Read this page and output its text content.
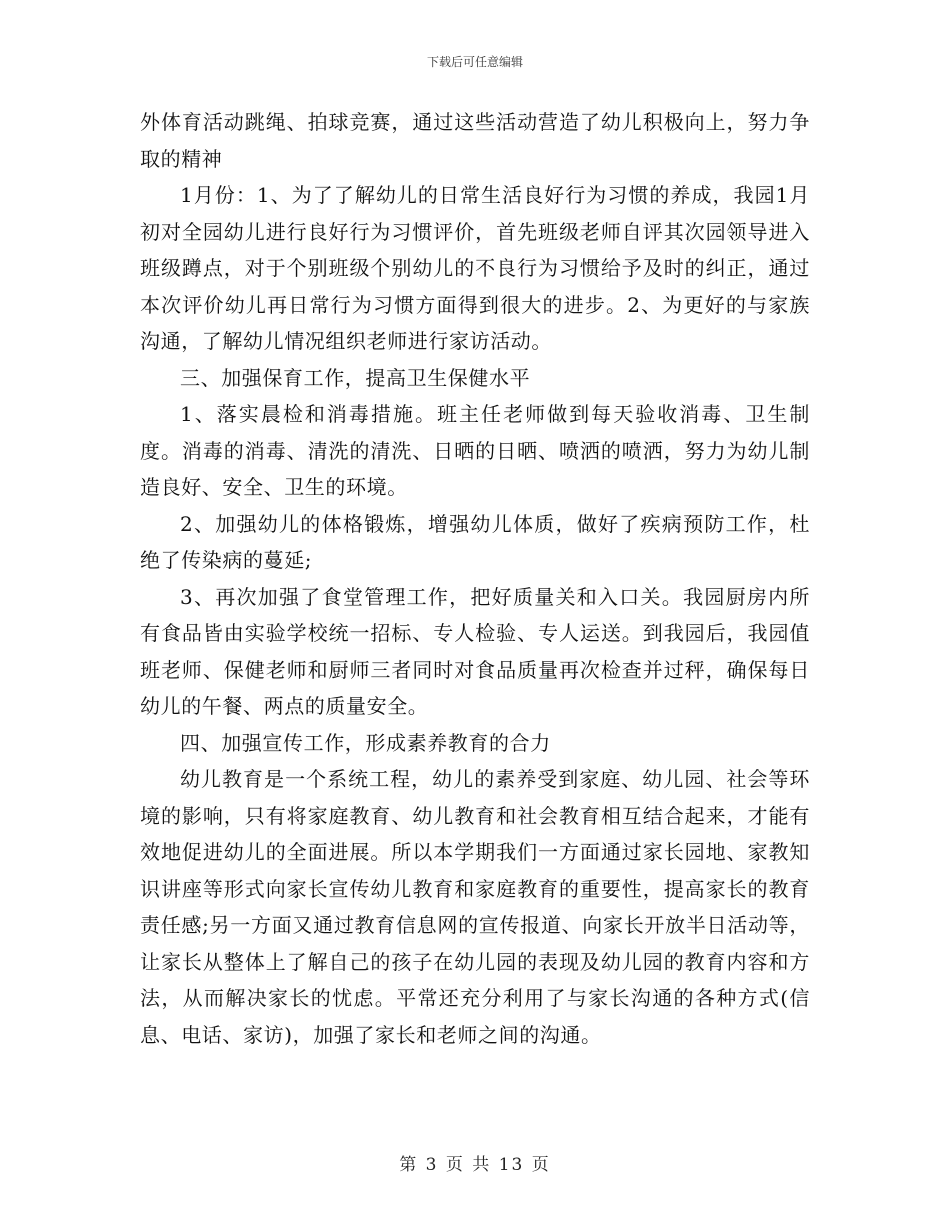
下载后可任意编辑

外体育活动跳绳、拍球竞赛，通过这些活动营造了幼儿积极向上，努力争取的精神

1月份：1、为了了解幼儿的日常生活良好行为习惯的养成，我园1月初对全园幼儿进行良好行为习惯评价，首先班级老师自评其次园领导进入班级蹲点，对于个别班级个别幼儿的不良行为习惯给予及时的纠正，通过本次评价幼儿再日常行为习惯方面得到很大的进步。2、为更好的与家族沟通，了解幼儿情况组织老师进行家访活动。

三、加强保育工作，提高卫生保健水平

1、落实晨检和消毒措施。班主任老师做到每天验收消毒、卫生制度。消毒的消毒、清洗的清洗、日晒的日晒、喷洒的喷洒，努力为幼儿制造良好、安全、卫生的环境。

2、加强幼儿的体格锻炼，增强幼儿体质，做好了疾病预防工作，杜绝了传染病的蔓延;

3、再次加强了食堂管理工作，把好质量关和入口关。我园厨房内所有食品皆由实验学校统一招标、专人检验、专人运送。到我园后，我园值班老师、保健老师和厨师三者同时对食品质量再次检查并过秤，确保每日幼儿的午餐、两点的质量安全。

四、加强宣传工作，形成素养教育的合力

幼儿教育是一个系统工程，幼儿的素养受到家庭、幼儿园、社会等环境的影响，只有将家庭教育、幼儿教育和社会教育相互结合起来，才能有效地促进幼儿的全面进展。所以本学期我们一方面通过家长园地、家教知识讲座等形式向家长宣传幼儿教育和家庭教育的重要性，提高家长的教育责任感;另一方面又通过教育信息网的宣传报道、向家长开放半日活动等，让家长从整体上了解自己的孩子在幼儿园的表现及幼儿园的教育内容和方法，从而解决家长的忧虑。平常还充分利用了与家长沟通的各种方式(信息、电话、家访)，加强了家长和老师之间的沟通。

第 3 页 共 13 页
